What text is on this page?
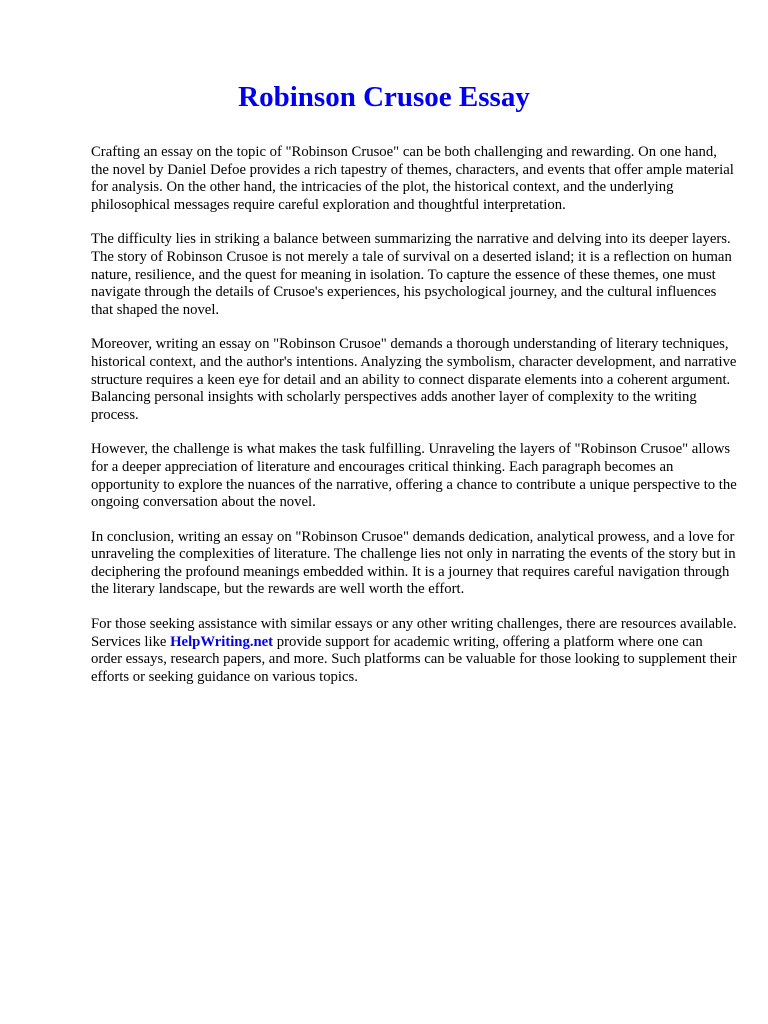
Robinson Crusoe Essay

Crafting an essay on the topic of "Robinson Crusoe" can be both challenging and rewarding. On one hand, the novel by Daniel Defoe provides a rich tapestry of themes, characters, and events that offer ample material for analysis. On the other hand, the intricacies of the plot, the historical context, and the underlying philosophical messages require careful exploration and thoughtful interpretation.

The difficulty lies in striking a balance between summarizing the narrative and delving into its deeper layers. The story of Robinson Crusoe is not merely a tale of survival on a deserted island; it is a reflection on human nature, resilience, and the quest for meaning in isolation. To capture the essence of these themes, one must navigate through the details of Crusoe's experiences, his psychological journey, and the cultural influences that shaped the novel.

Moreover, writing an essay on "Robinson Crusoe" demands a thorough understanding of literary techniques, historical context, and the author's intentions. Analyzing the symbolism, character development, and narrative structure requires a keen eye for detail and an ability to connect disparate elements into a coherent argument. Balancing personal insights with scholarly perspectives adds another layer of complexity to the writing process.

However, the challenge is what makes the task fulfilling. Unraveling the layers of "Robinson Crusoe" allows for a deeper appreciation of literature and encourages critical thinking. Each paragraph becomes an opportunity to explore the nuances of the narrative, offering a chance to contribute a unique perspective to the ongoing conversation about the novel.

In conclusion, writing an essay on "Robinson Crusoe" demands dedication, analytical prowess, and a love for unraveling the complexities of literature. The challenge lies not only in narrating the events of the story but in deciphering the profound meanings embedded within. It is a journey that requires careful navigation through the literary landscape, but the rewards are well worth the effort.

For those seeking assistance with similar essays or any other writing challenges, there are resources available. Services like HelpWriting.net provide support for academic writing, offering a platform where one can order essays, research papers, and more. Such platforms can be valuable for those looking to supplement their efforts or seeking guidance on various topics.
